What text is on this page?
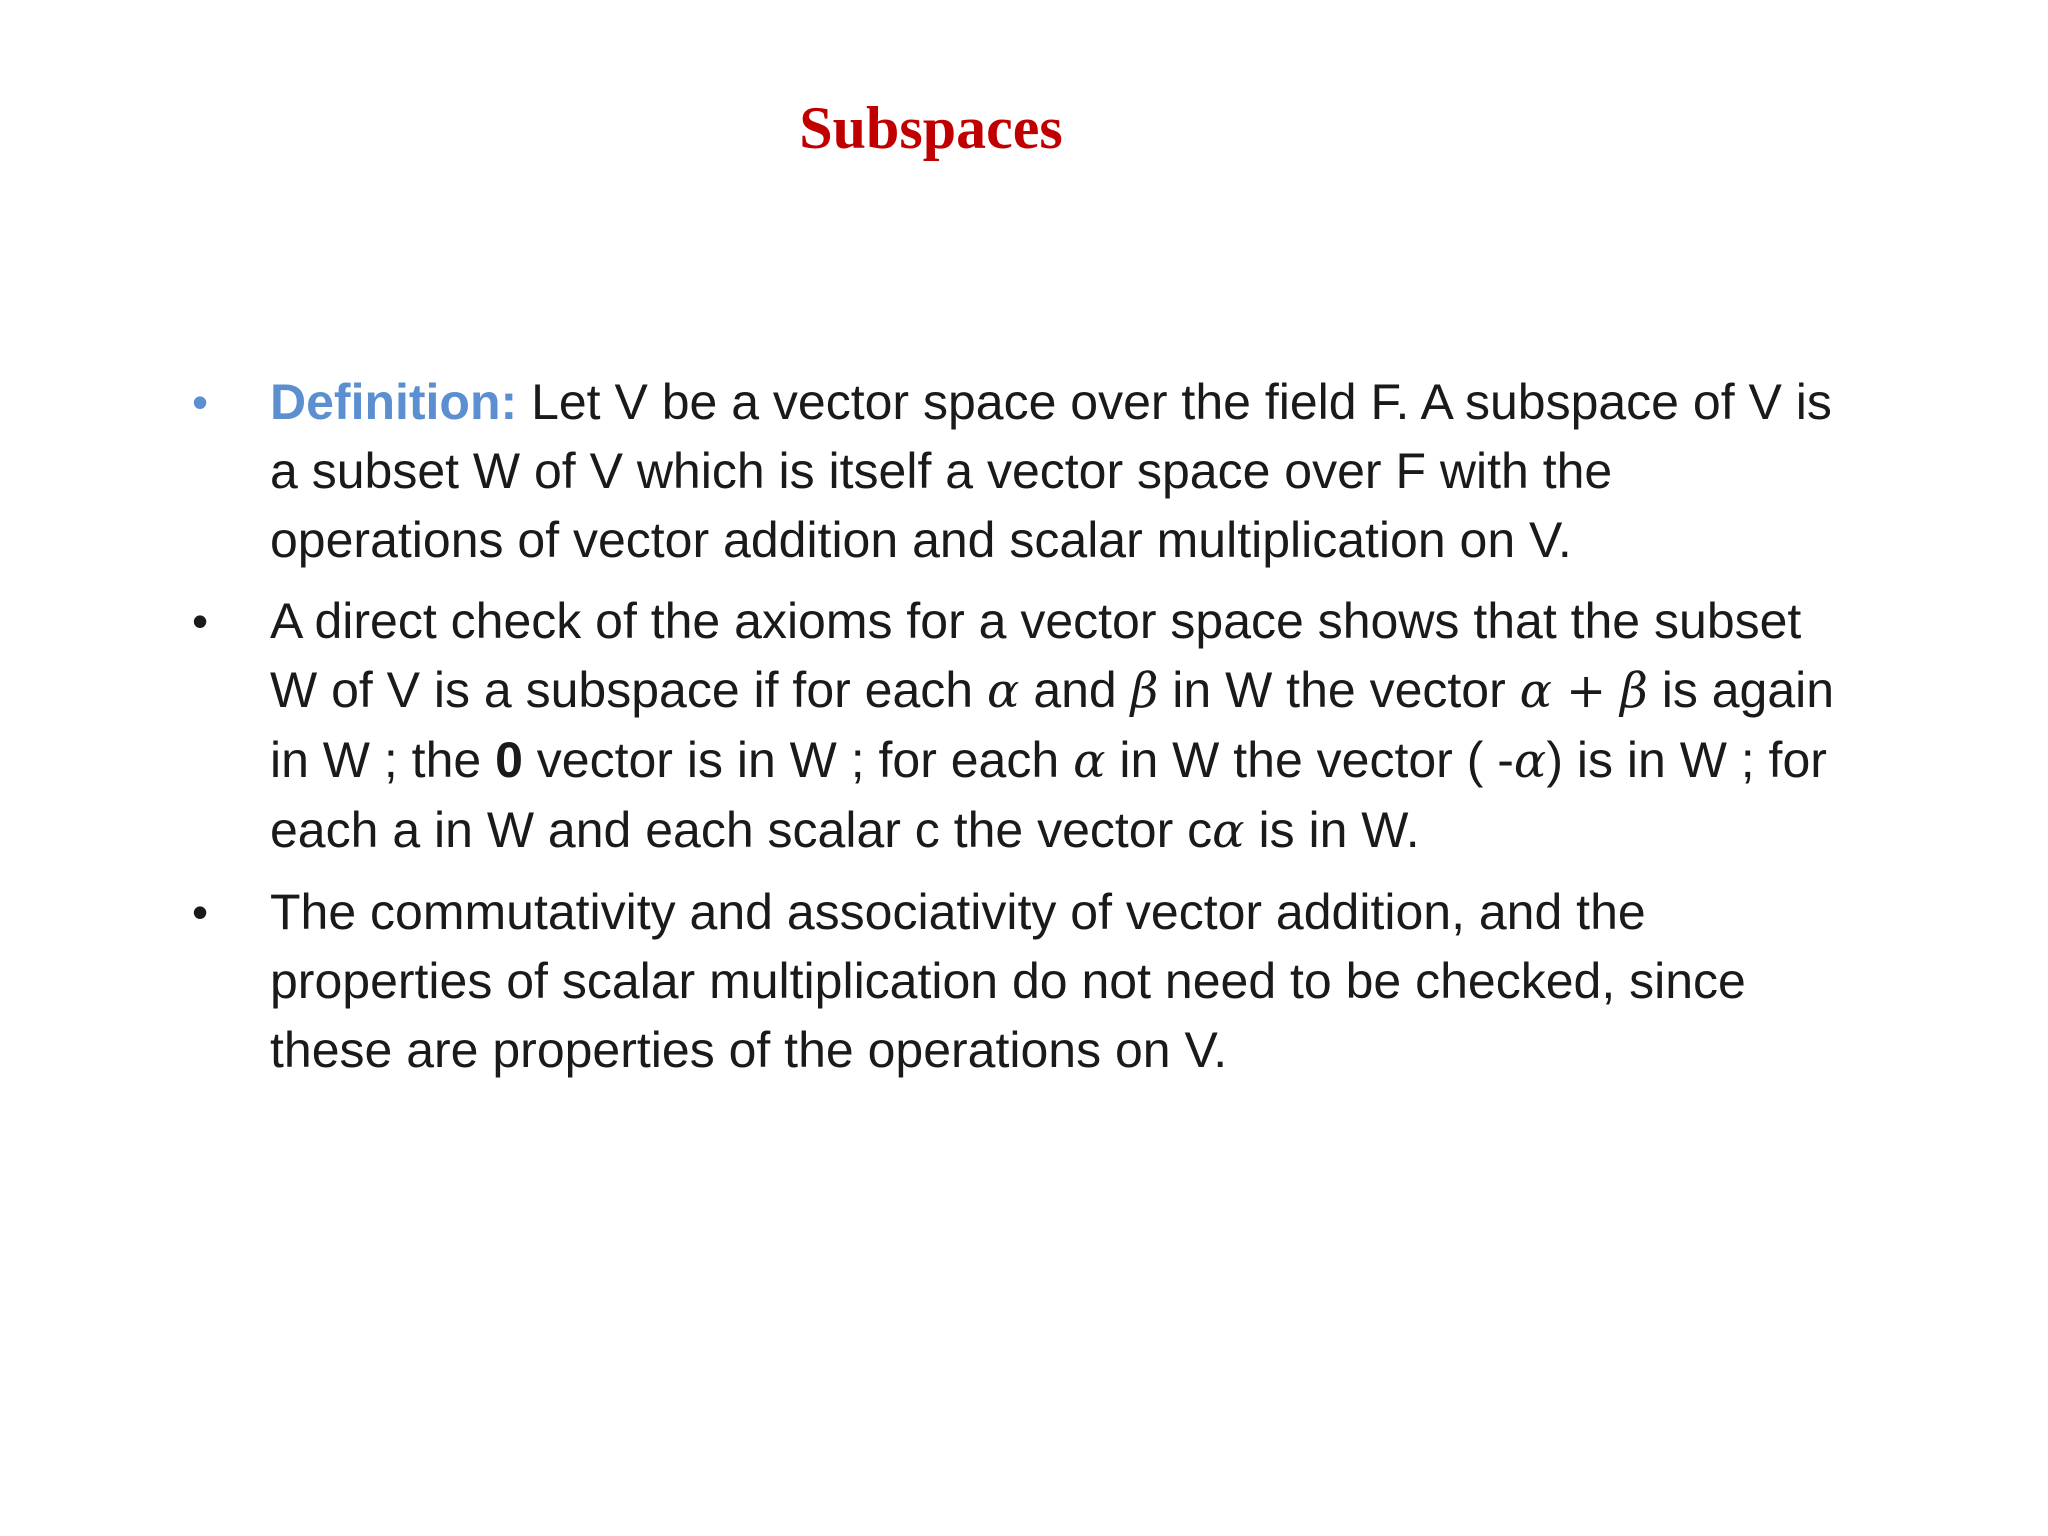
Subspaces
• Definition: Let V be a vector space over the field F. A subspace of V is a subset W of V which is itself a vector space over F with the operations of vector addition and scalar multiplication on V.
• A direct check of the axioms for a vector space shows that the subset W of V is a subspace if for each α and β in W the vector α + β is again in W ; the 0 vector is in W ; for each α in W the vector ( -α) is in W ; for each a in W and each scalar c the vector cα is in W.
• The commutativity and associativity of vector addition, and the properties of scalar multiplication do not need to be checked, since these are properties of the operations on V.
